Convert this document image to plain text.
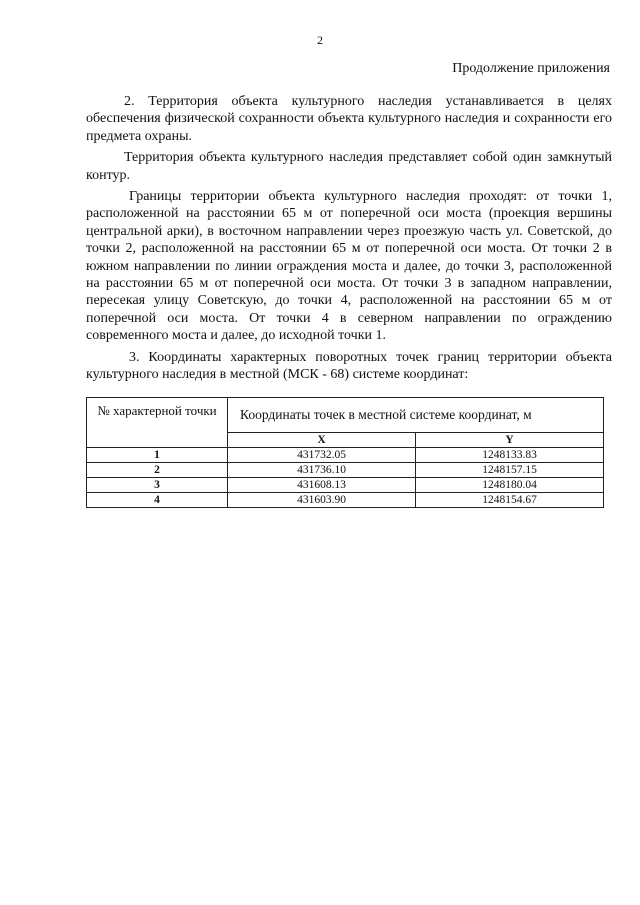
2
Продолжение приложения

2. Территория объекта культурного наследия устанавливается в целях обеспечения физической сохранности объекта культурного наследия и сохранности его предмета охраны.

Территория объекта культурного наследия представляет собой один замкнутый контур.

Границы территории объекта культурного наследия проходят: от точки 1, расположенной на расстоянии 65 м от поперечной оси моста (проекция вершины центральной арки), в восточном направлении через проезжую часть ул. Советской, до точки 2, расположенной на расстоянии 65 м от поперечной оси моста. От точки 2 в южном направлении по линии ограждения моста и далее, до точки 3, расположенной на расстоянии 65 м от поперечной оси моста. От точки 3 в западном направлении, пересекая улицу Советскую, до точки 4, расположенной на расстоянии 65 м от поперечной оси моста. От точки 4 в северном направлении по ограждению современного моста и далее, до исходной точки 1.

3. Координаты характерных поворотных точек границ территории объекта культурного наследия в местной (МСК - 68) системе координат:

№ характерной точки	Координаты точек в местной системе координат, м	
	X	Y
1	431732.05	1248133.83
2	431736.10	1248157.15
3	431608.13	1248180.04
4	431603.90	1248154.67
